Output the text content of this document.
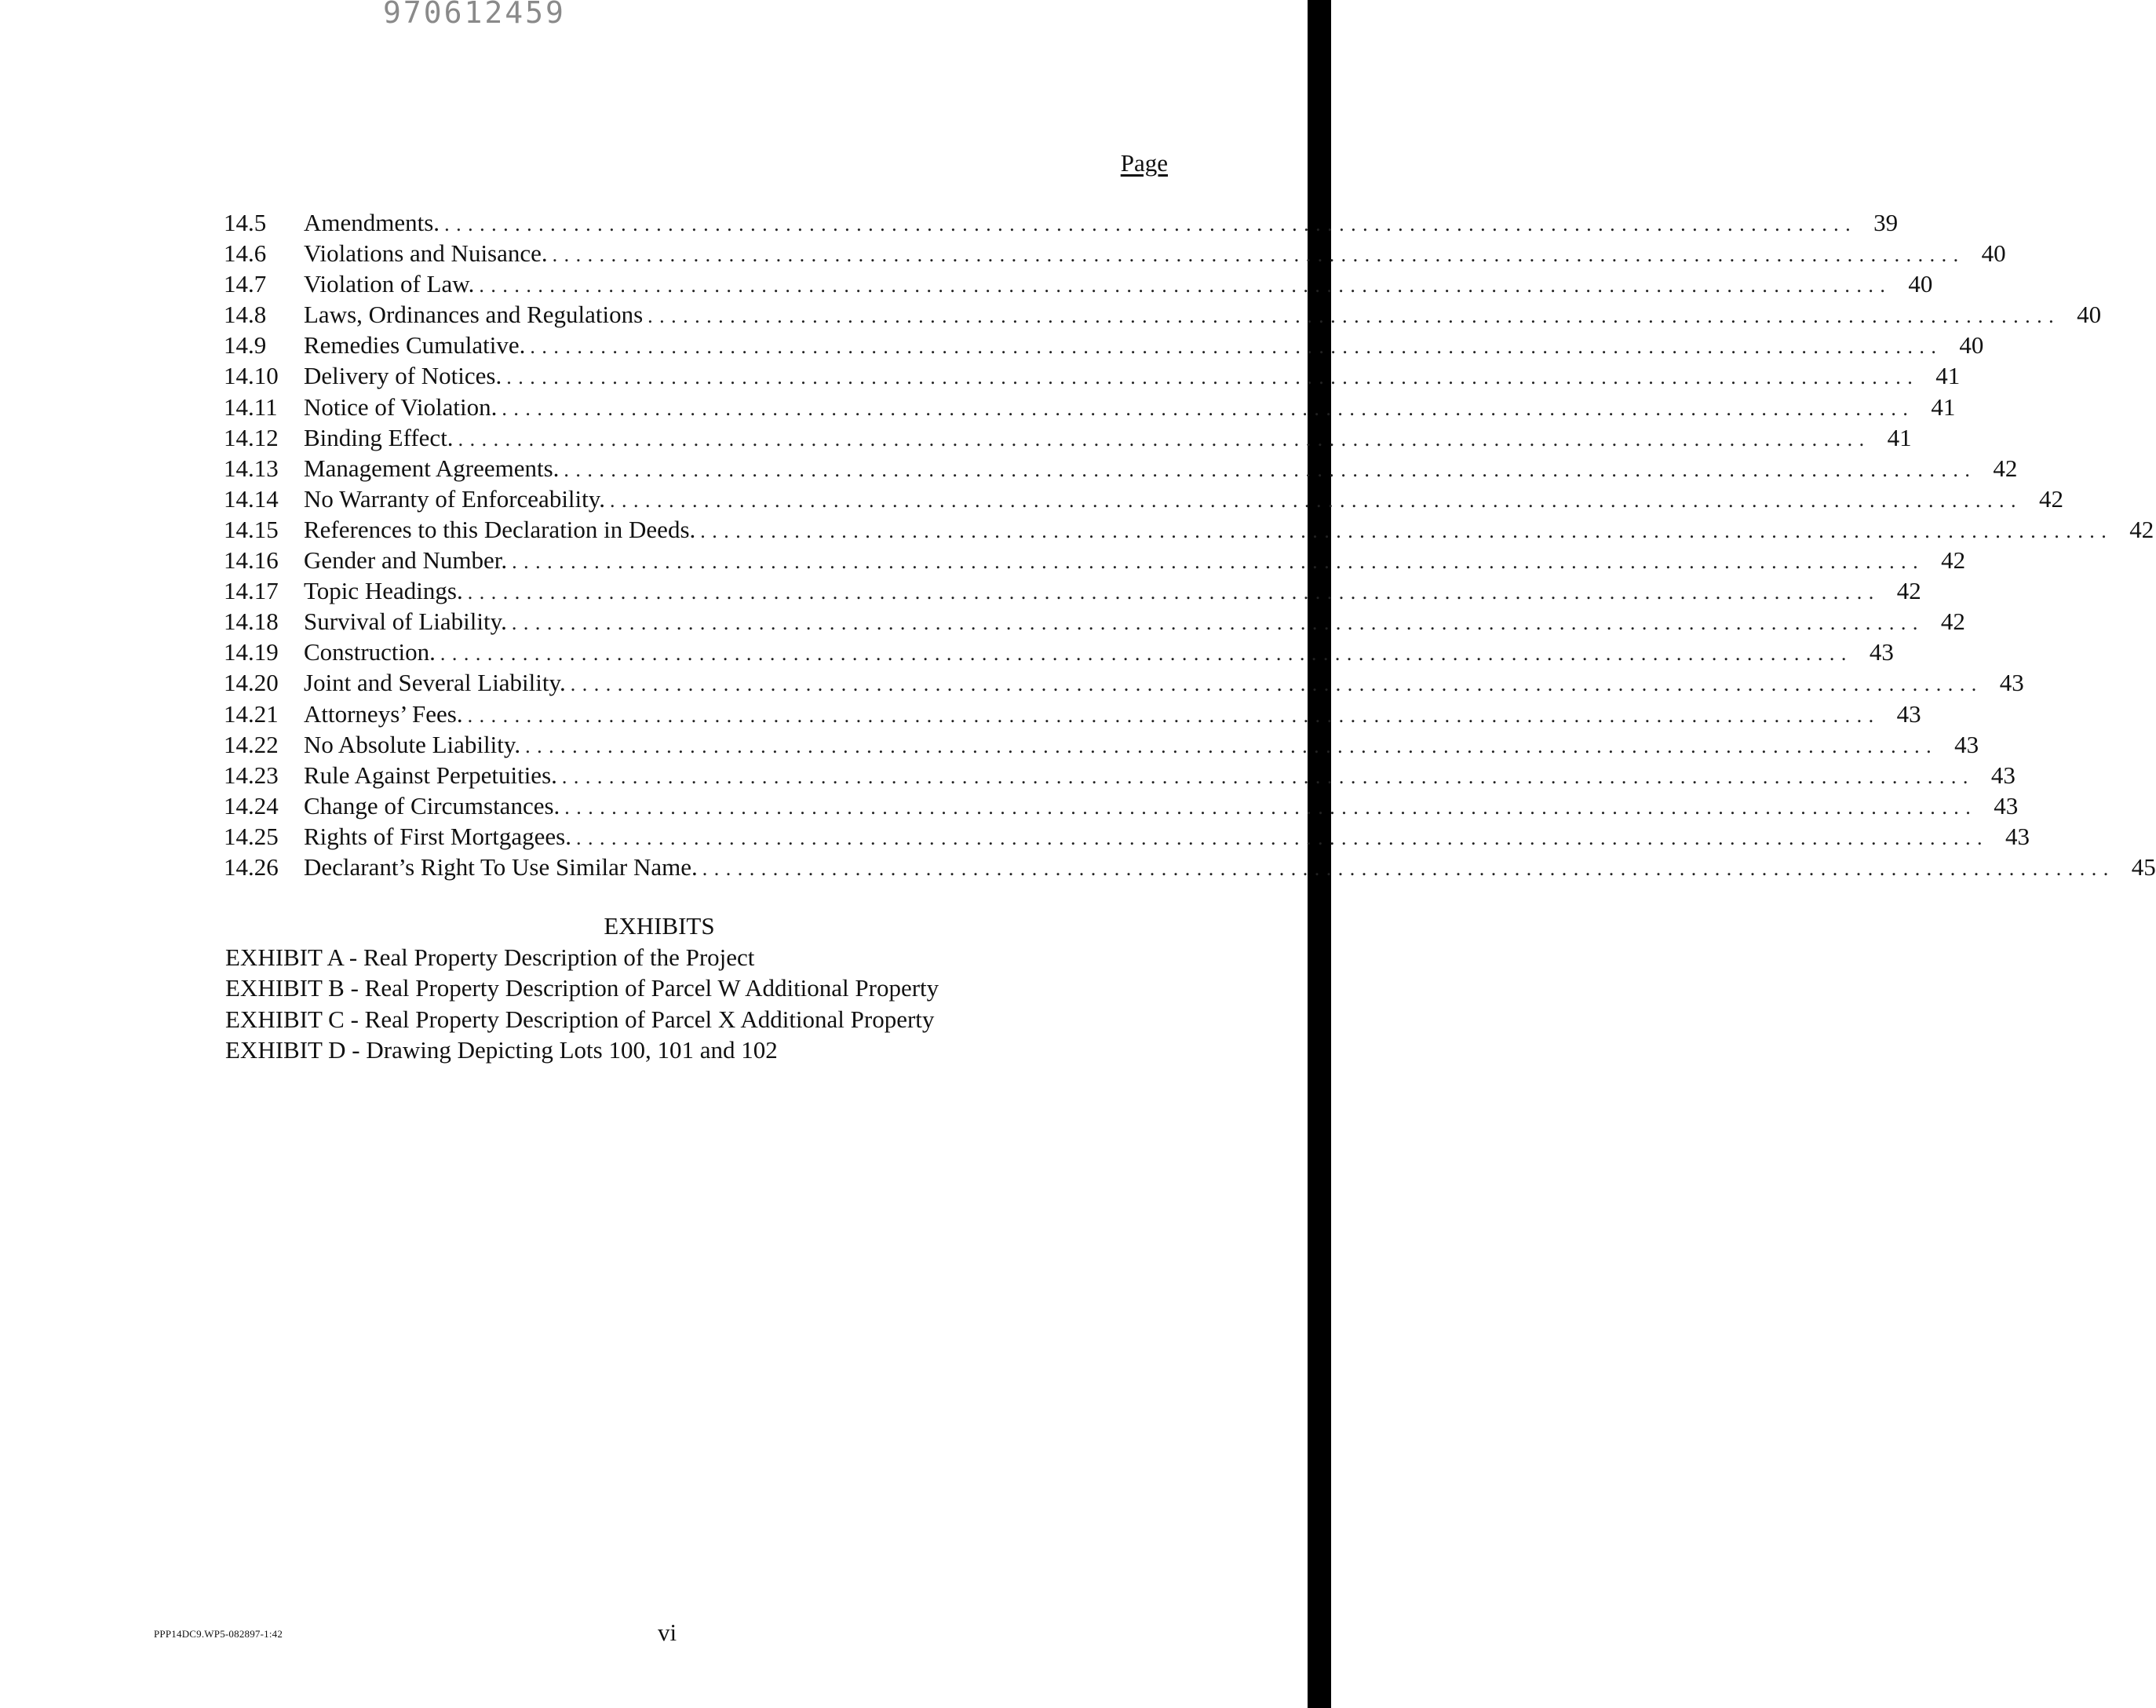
970612459
Page
14.5	Amendments. ........................................................................................................................ 39
14.6	Violations and Nuisance. ........................................................................................................................ 40
14.7	Violation of Law. ........................................................................................................................ 40
14.8	Laws, Ordinances and Regulations ........................................................................................................................ 40
14.9	Remedies Cumulative. ........................................................................................................................ 40
14.10	Delivery of Notices. ........................................................................................................................ 41
14.11	Notice of Violation. ........................................................................................................................ 41
14.12	Binding Effect. ........................................................................................................................ 41
14.13	Management Agreements. ........................................................................................................................ 42
14.14	No Warranty of Enforceability. ........................................................................................................................ 42
14.15	References to this Declaration in Deeds. ........................................................................................................................ 42
14.16	Gender and Number. ........................................................................................................................ 42
14.17	Topic Headings. ........................................................................................................................ 42
14.18	Survival of Liability. ........................................................................................................................ 42
14.19	Construction. ........................................................................................................................ 43
14.20	Joint and Several Liability. ........................................................................................................................ 43
14.21	Attorneys’ Fees. ........................................................................................................................ 43
14.22	No Absolute Liability. ........................................................................................................................ 43
14.23	Rule Against Perpetuities. ........................................................................................................................ 43
14.24	Change of Circumstances. ........................................................................................................................ 43
14.25	Rights of First Mortgagees. ........................................................................................................................ 43
14.26	Declarant’s Right To Use Similar Name. ........................................................................................................................ 45
EXHIBITS
EXHIBIT A - Real Property Description of the Project
EXHIBIT B - Real Property Description of Parcel W Additional Property
EXHIBIT C - Real Property Description of Parcel X Additional Property
EXHIBIT D - Drawing Depicting Lots 100, 101 and 102
PPP14DC9.WP5-082897-1:42	vi
